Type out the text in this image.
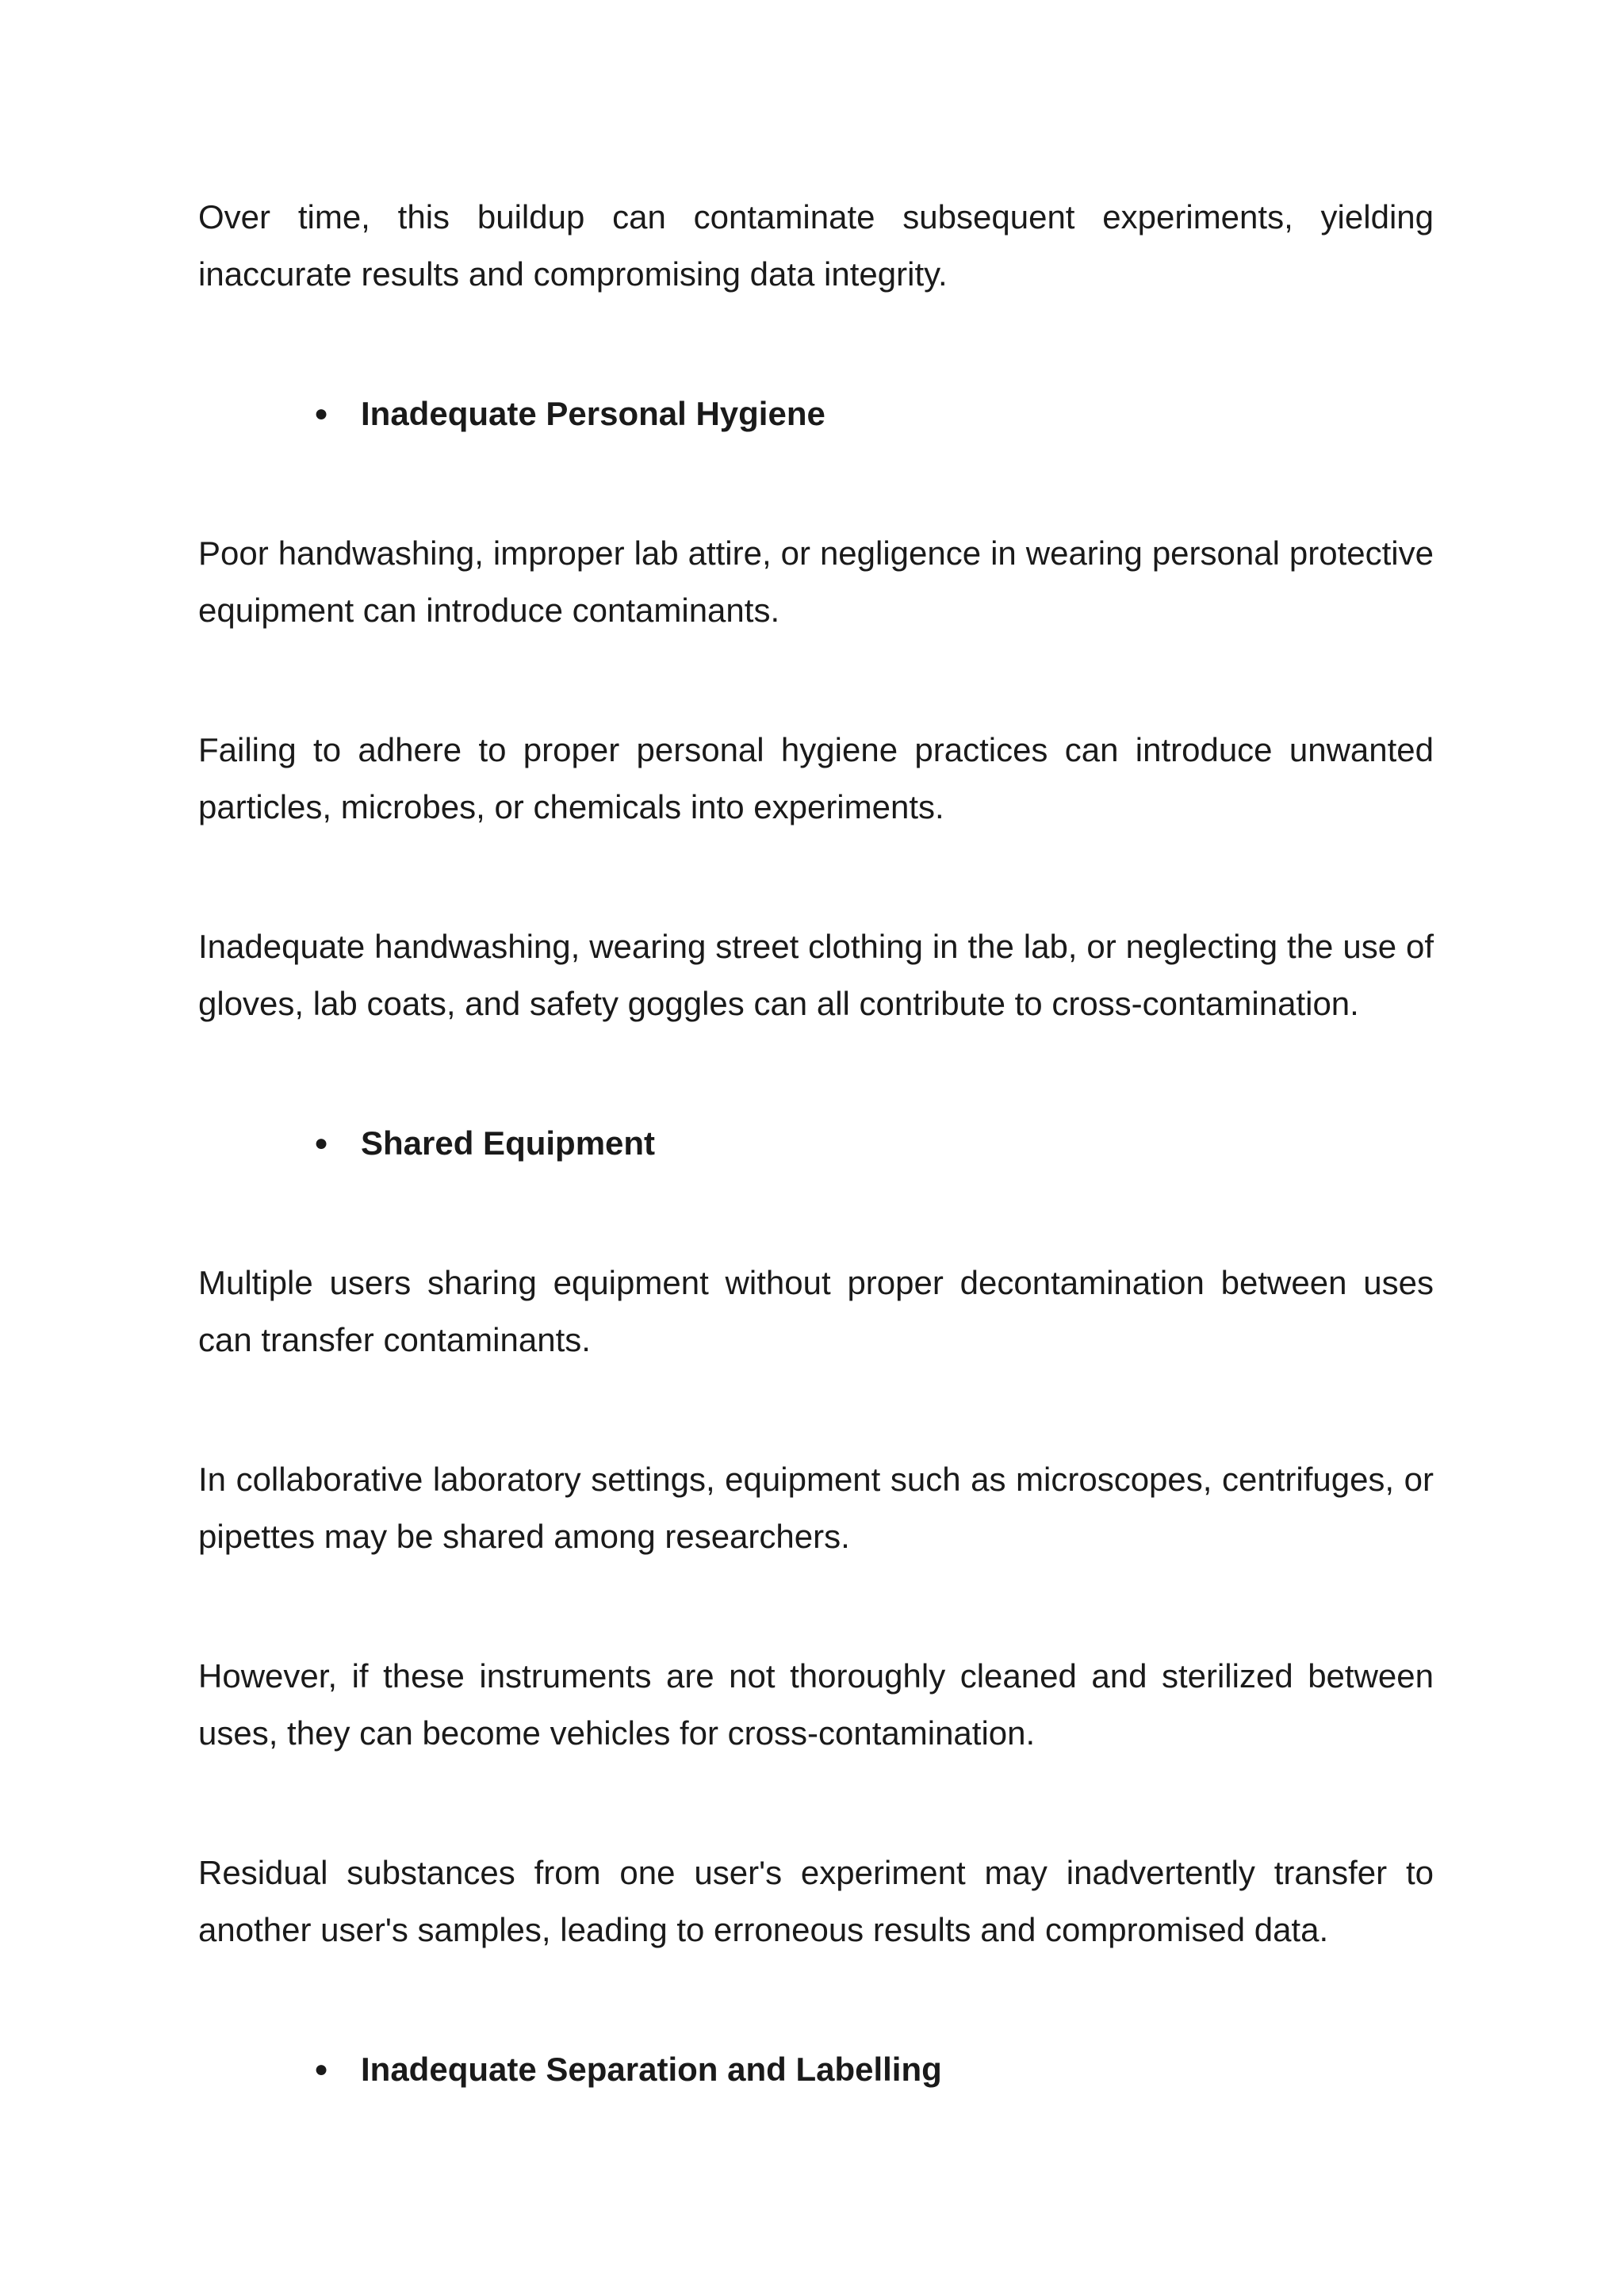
Over time, this buildup can contaminate subsequent experiments, yielding inaccurate results and compromising data integrity.

● Inadequate Personal Hygiene

Poor handwashing, improper lab attire, or negligence in wearing personal protective equipment can introduce contaminants.

Failing to adhere to proper personal hygiene practices can introduce unwanted particles, microbes, or chemicals into experiments.

Inadequate handwashing, wearing street clothing in the lab, or neglecting the use of gloves, lab coats, and safety goggles can all contribute to cross-contamination.

● Shared Equipment

Multiple users sharing equipment without proper decontamination between uses can transfer contaminants.

In collaborative laboratory settings, equipment such as microscopes, centrifuges, or pipettes may be shared among researchers.

However, if these instruments are not thoroughly cleaned and sterilized between uses, they can become vehicles for cross-contamination.

Residual substances from one user's experiment may inadvertently transfer to another user's samples, leading to erroneous results and compromised data.

● Inadequate Separation and Labelling
